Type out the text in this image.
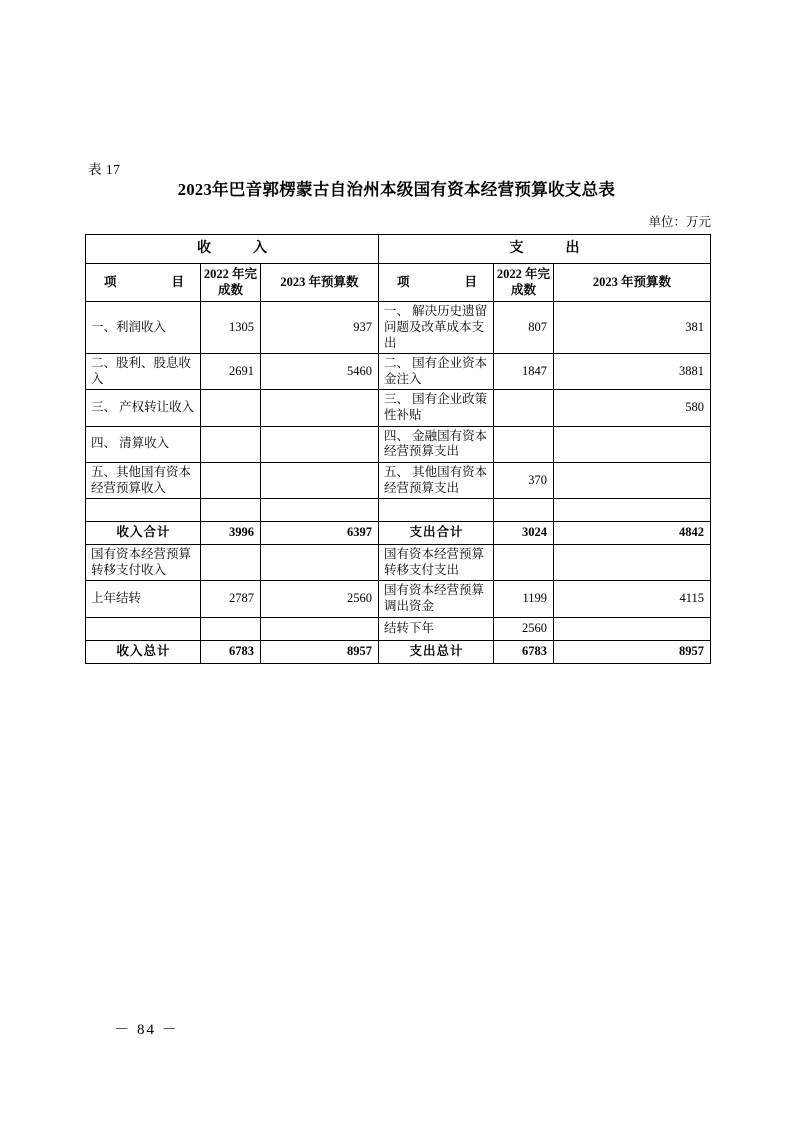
表 17
2023年巴音郭楞蒙古自治州本级国有资本经营预算收支总表
单位：万元
收　入			支　出		
项　　目	2022 年完成数	2023 年预算数	项　　目	2022 年完成数	2023 年预算数
一、利润收入	1305	937	一、 解决历史遗留问题及改革成本支出	807	381
二、股利、股息收入	2691	5460	二、 国有企业资本金注入	1847	3881
三、 产权转让收入			三、 国有企业政策性补贴		580
四、 清算收入			四、 金融国有资本经营预算支出		
五、其他国有资本经营预算收入			五、 其他国有资本经营预算支出	370	

收入合计	3996	6397	支出合计	3024	4842
国有资本经营预算转移支付收入			国有资本经营预算转移支付支出		
上年结转	2787	2560	国有资本经营预算调出资金	1199	4115
			结转下年	2560	
收入总计	6783	8957	支出总计	6783	8957
－ 84 －
